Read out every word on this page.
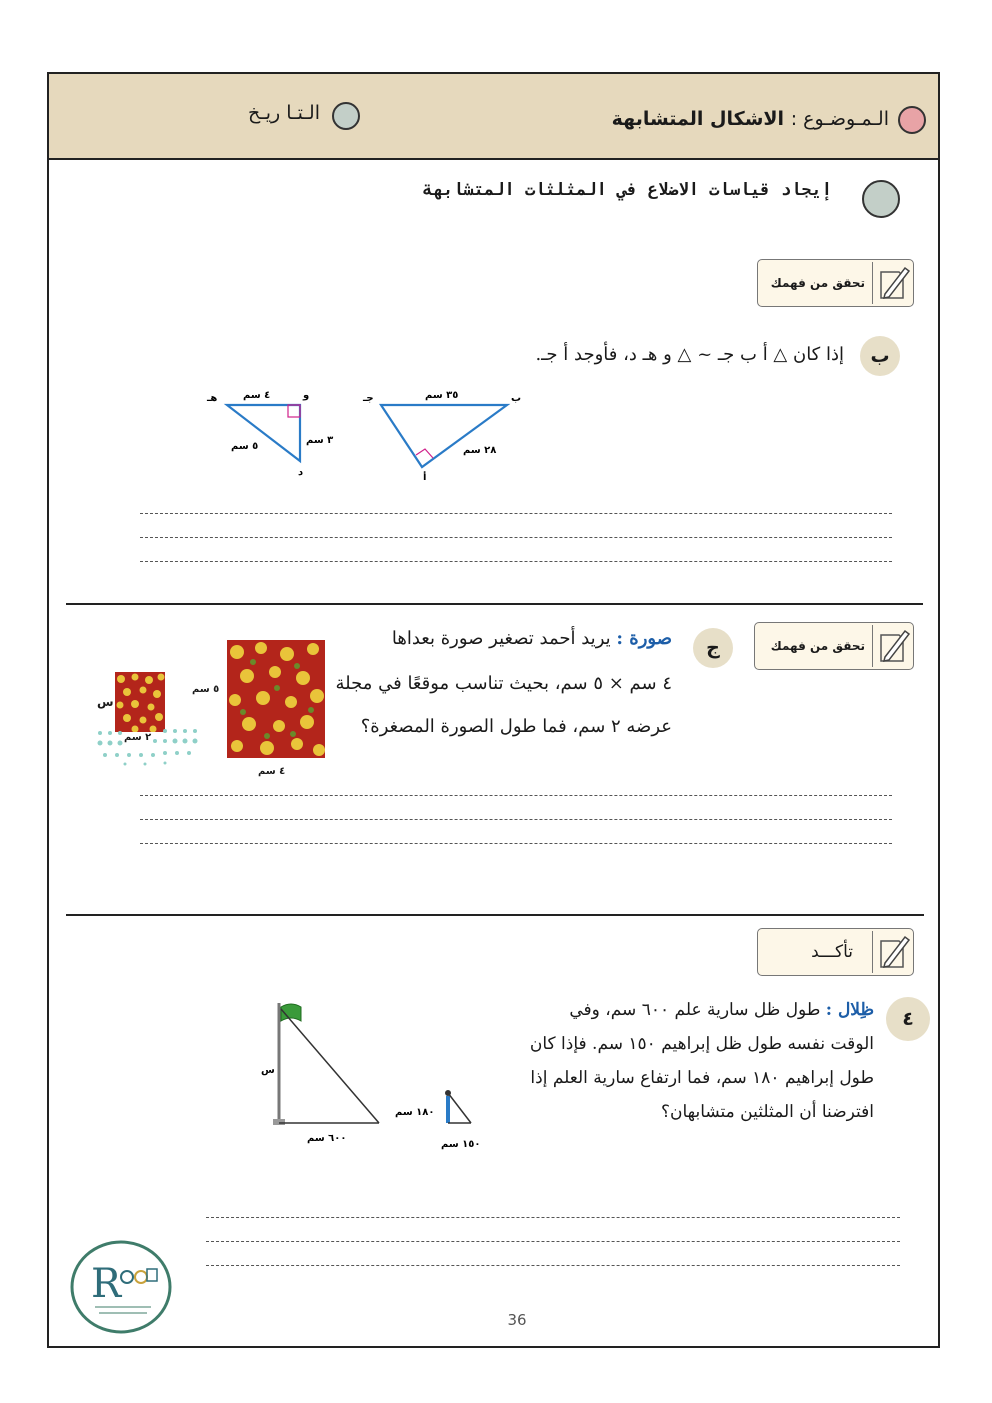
الـمـوضـوع : الاشكال المتشابهة
الـتـا ريـخ
إيجاد قياسات الاضلاع في المثلثات المتشابهة
تحقق من فهمك
ب
إذا كان △ أ ب جـ ~ △ و هـ د، فأوجد أ جـ.
هـ	و
د
٤ سم
٣ سم
٥ سم
جـ	ب
أ
٣٥ سم
٢٨ سم
تحقق من فهمك
ج
صورة : يريد أحمد تصغير صورة بعداها
٤ سم × ٥ سم، بحيث تناسب موقعًا في مجلة
عرضه ٢ سم، فما طول الصورة المصغرة؟
٥ سم
٤ سم
س
٢ سم
تأكـــد
٤
ظِلال : طول ظل سارية علم ٦٠٠ سم، وفي
الوقت نفسه طول ظل إبراهيم ١٥٠ سم. فإذا كان
طول إبراهيم ١٨٠ سم، فما ارتفاع سارية العلم إذا
افترضنا أن المثلثين متشابهان؟
س
٦٠٠ سم
١٨٠ سم
١٥٠ سم
R
36
